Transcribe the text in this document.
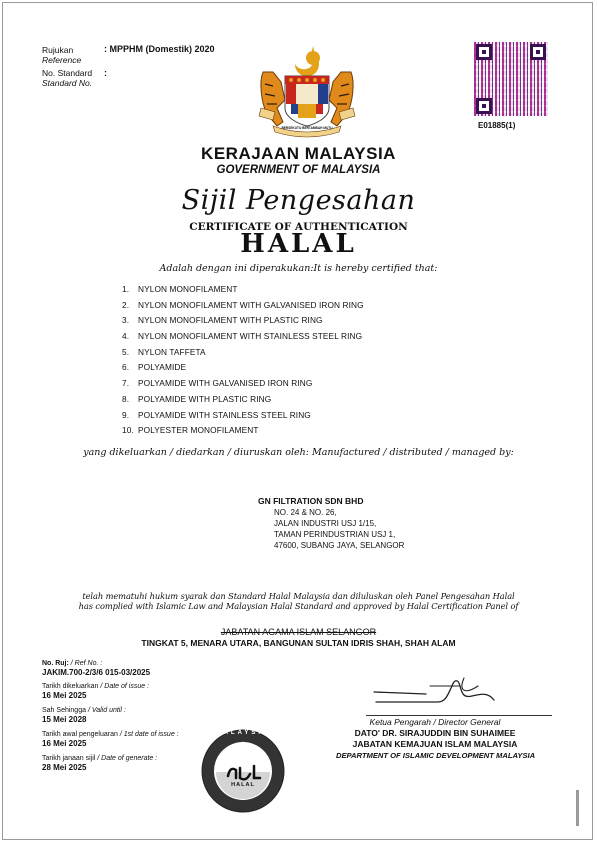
Rujukan
Reference
: MPPHM (Domestik) 2020
No. Standard
Standard No.
:
BERSEKUTU BERTAMBAH MUTU	E01885(1)
KERAJAAN MALAYSIA
GOVERNMENT OF MALAYSIA
Sijil Pengesahan
CERTIFICATE OF AUTHENTICATION
HALAL
Adalah dengan ini diperakukan:It is hereby certified that:
1.	NYLON MONOFILAMENT
2.	NYLON MONOFILAMENT WITH GALVANISED IRON RING
3.	NYLON MONOFILAMENT WITH PLASTIC RING
4.	NYLON MONOFILAMENT WITH STAINLESS STEEL RING
5.	NYLON TAFFETA
6.	POLYAMIDE
7.	POLYAMIDE WITH GALVANISED IRON RING
8.	POLYAMIDE WITH PLASTIC RING
9.	POLYAMIDE WITH STAINLESS STEEL RING
10. POLYESTER MONOFILAMENT
yang dikeluarkan / diedarkan / diuruskan oleh: Manufactured / distributed / managed by:
GN FILTRATION SDN BHD
NO. 24 & NO. 26,
JALAN INDUSTRI USJ 1/15,
TAMAN PERINDUSTRIAN USJ 1,
47600, SUBANG JAYA, SELANGOR
telah mematuhi hukum syarak dan Standard Halal Malaysia dan diluluskan oleh Panel Pengesahan Halal
has complied with Islamic Law and Malaysian Halal Standard and approved by Halal Certification Panel of
JABATAN AGAMA ISLAM SELANGOR
TINGKAT 5, MENARA UTARA, BANGUNAN SULTAN IDRIS SHAH, SHAH ALAM
No. Ruj: / Ref No. :
JAKIM.700-2/3/6 015-03/2025
Tarikh dikeluarkan / Date of issue :
16 Mei 2025
Sah Sehingga / Valid until :
15 Mei 2028
Tarikh awal pengeluaran / 1st date of issue :
16 Mei 2025
Tarikh janaan sijil / Date of generate :
28 Mei 2025
MALAYSIA
HALAL
Ketua Pengarah / Director General
DATO' DR. SIRAJUDDIN BIN SUHAIMEE
JABATAN KEMAJUAN ISLAM MALAYSIA
DEPARTMENT OF ISLAMIC DEVELOPMENT MALAYSIA
